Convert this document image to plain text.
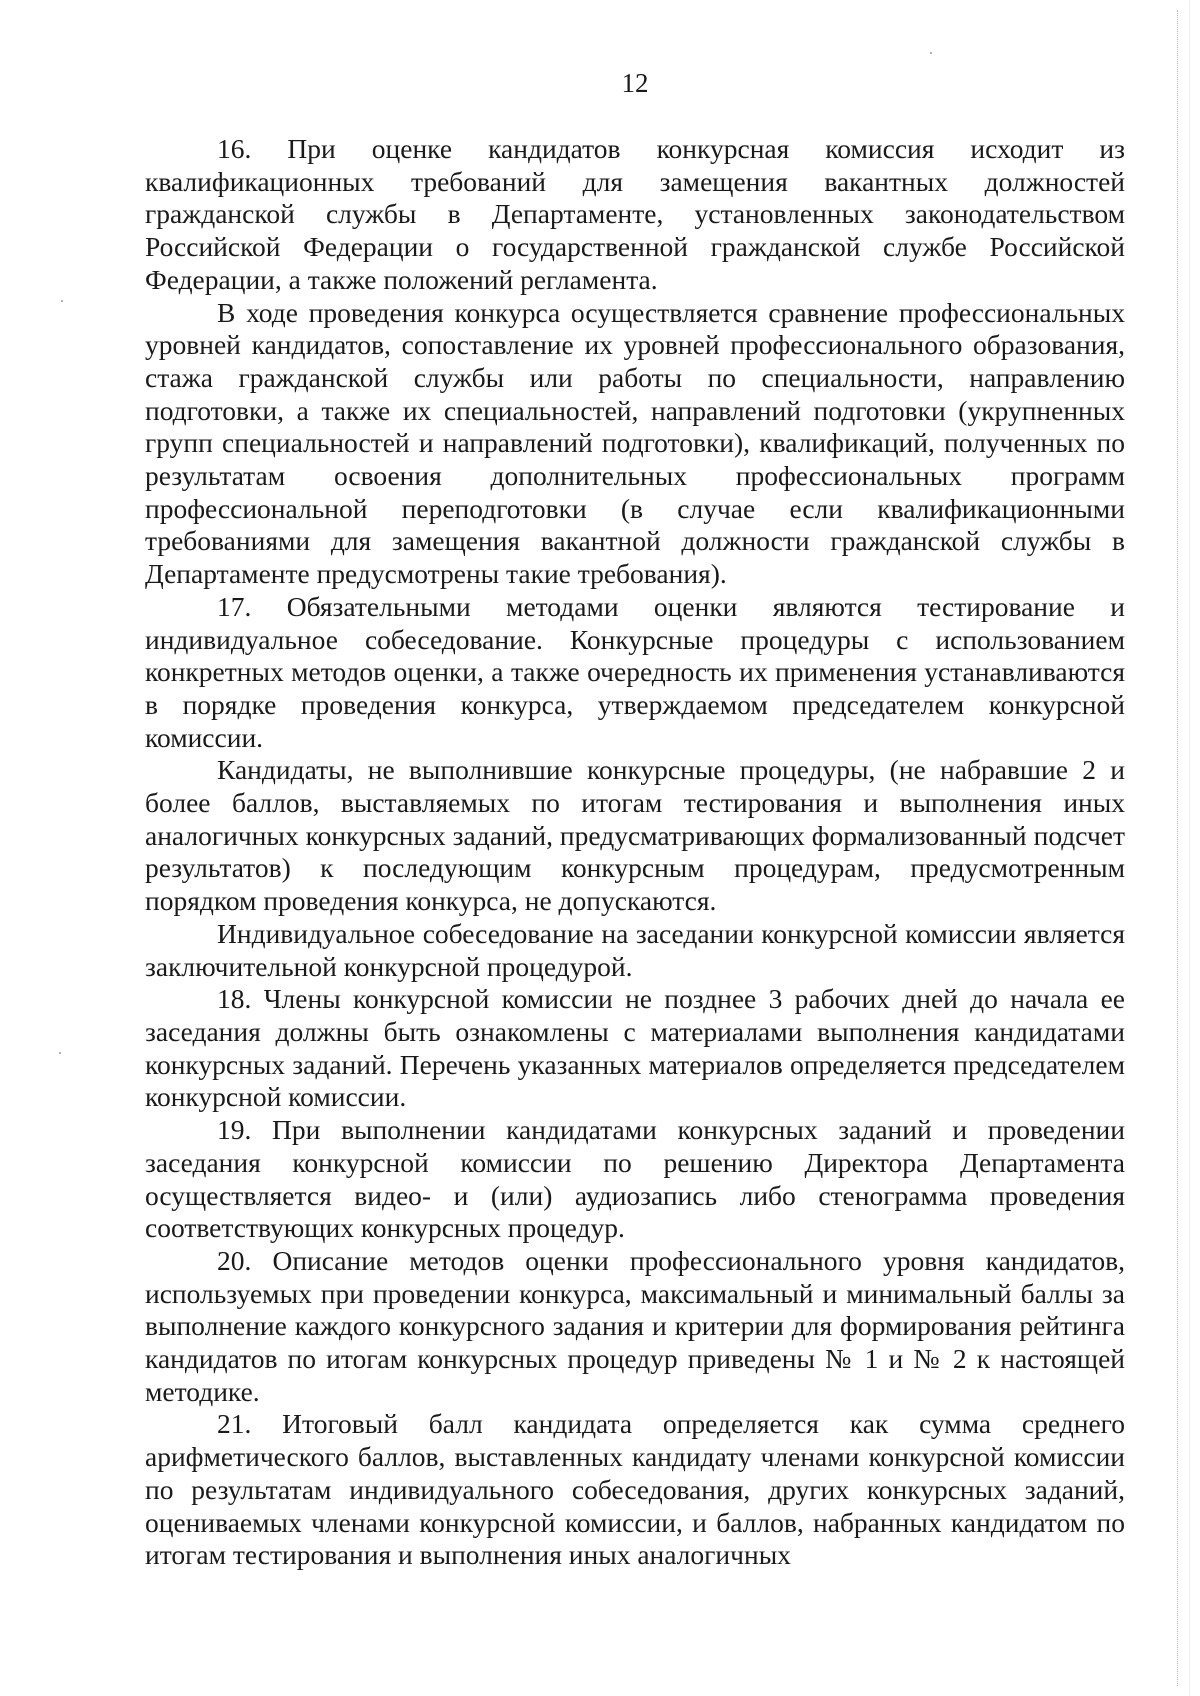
12

16. При оценке кандидатов конкурсная комиссия исходит из квалификационных требований для замещения вакантных должностей гражданской службы в Департаменте, установленных законодательством Российской Федерации о государственной гражданской службе Российской Федерации, а также положений регламента.

В ходе проведения конкурса осуществляется сравнение профессиональных уровней кандидатов, сопоставление их уровней профессионального образования, стажа гражданской службы или работы по специальности, направлению подготовки, а также их специальностей, направлений подготовки (укрупненных групп специальностей и направлений подготовки), квалификаций, полученных по результатам освоения дополнительных профессиональных программ профессиональной переподготовки (в случае если квалификационными требованиями для замещения вакантной должности гражданской службы в Департаменте предусмотрены такие требования).

17. Обязательными методами оценки являются тестирование и индивидуальное собеседование. Конкурсные процедуры с использованием конкретных методов оценки, а также очередность их применения устанавливаются в порядке проведения конкурса, утверждаемом председателем конкурсной комиссии.

Кандидаты, не выполнившие конкурсные процедуры, (не набравшие 2 и более баллов, выставляемых по итогам тестирования и выполнения иных аналогичных конкурсных заданий, предусматривающих формализованный подсчет результатов) к последующим конкурсным процедурам, предусмотренным порядком проведения конкурса, не допускаются.

Индивидуальное собеседование на заседании конкурсной комиссии является заключительной конкурсной процедурой.

18. Члены конкурсной комиссии не позднее 3 рабочих дней до начала ее заседания должны быть ознакомлены с материалами выполнения кандидатами конкурсных заданий. Перечень указанных материалов определяется председателем конкурсной комиссии.

19. При выполнении кандидатами конкурсных заданий и проведении заседания конкурсной комиссии по решению Директора Департамента осуществляется видео- и (или) аудиозапись либо стенограмма проведения соответствующих конкурсных процедур.

20. Описание методов оценки профессионального уровня кандидатов, используемых при проведении конкурса, максимальный и минимальный баллы за выполнение каждого конкурсного задания и критерии для формирования рейтинга кандидатов по итогам конкурсных процедур приведены № 1 и № 2 к настоящей методике.

21. Итоговый балл кандидата определяется как сумма среднего арифметического баллов, выставленных кандидату членами конкурсной комиссии по результатам индивидуального собеседования, других конкурсных заданий, оцениваемых членами конкурсной комиссии, и баллов, набранных кандидатом по итогам тестирования и выполнения иных аналогичных
